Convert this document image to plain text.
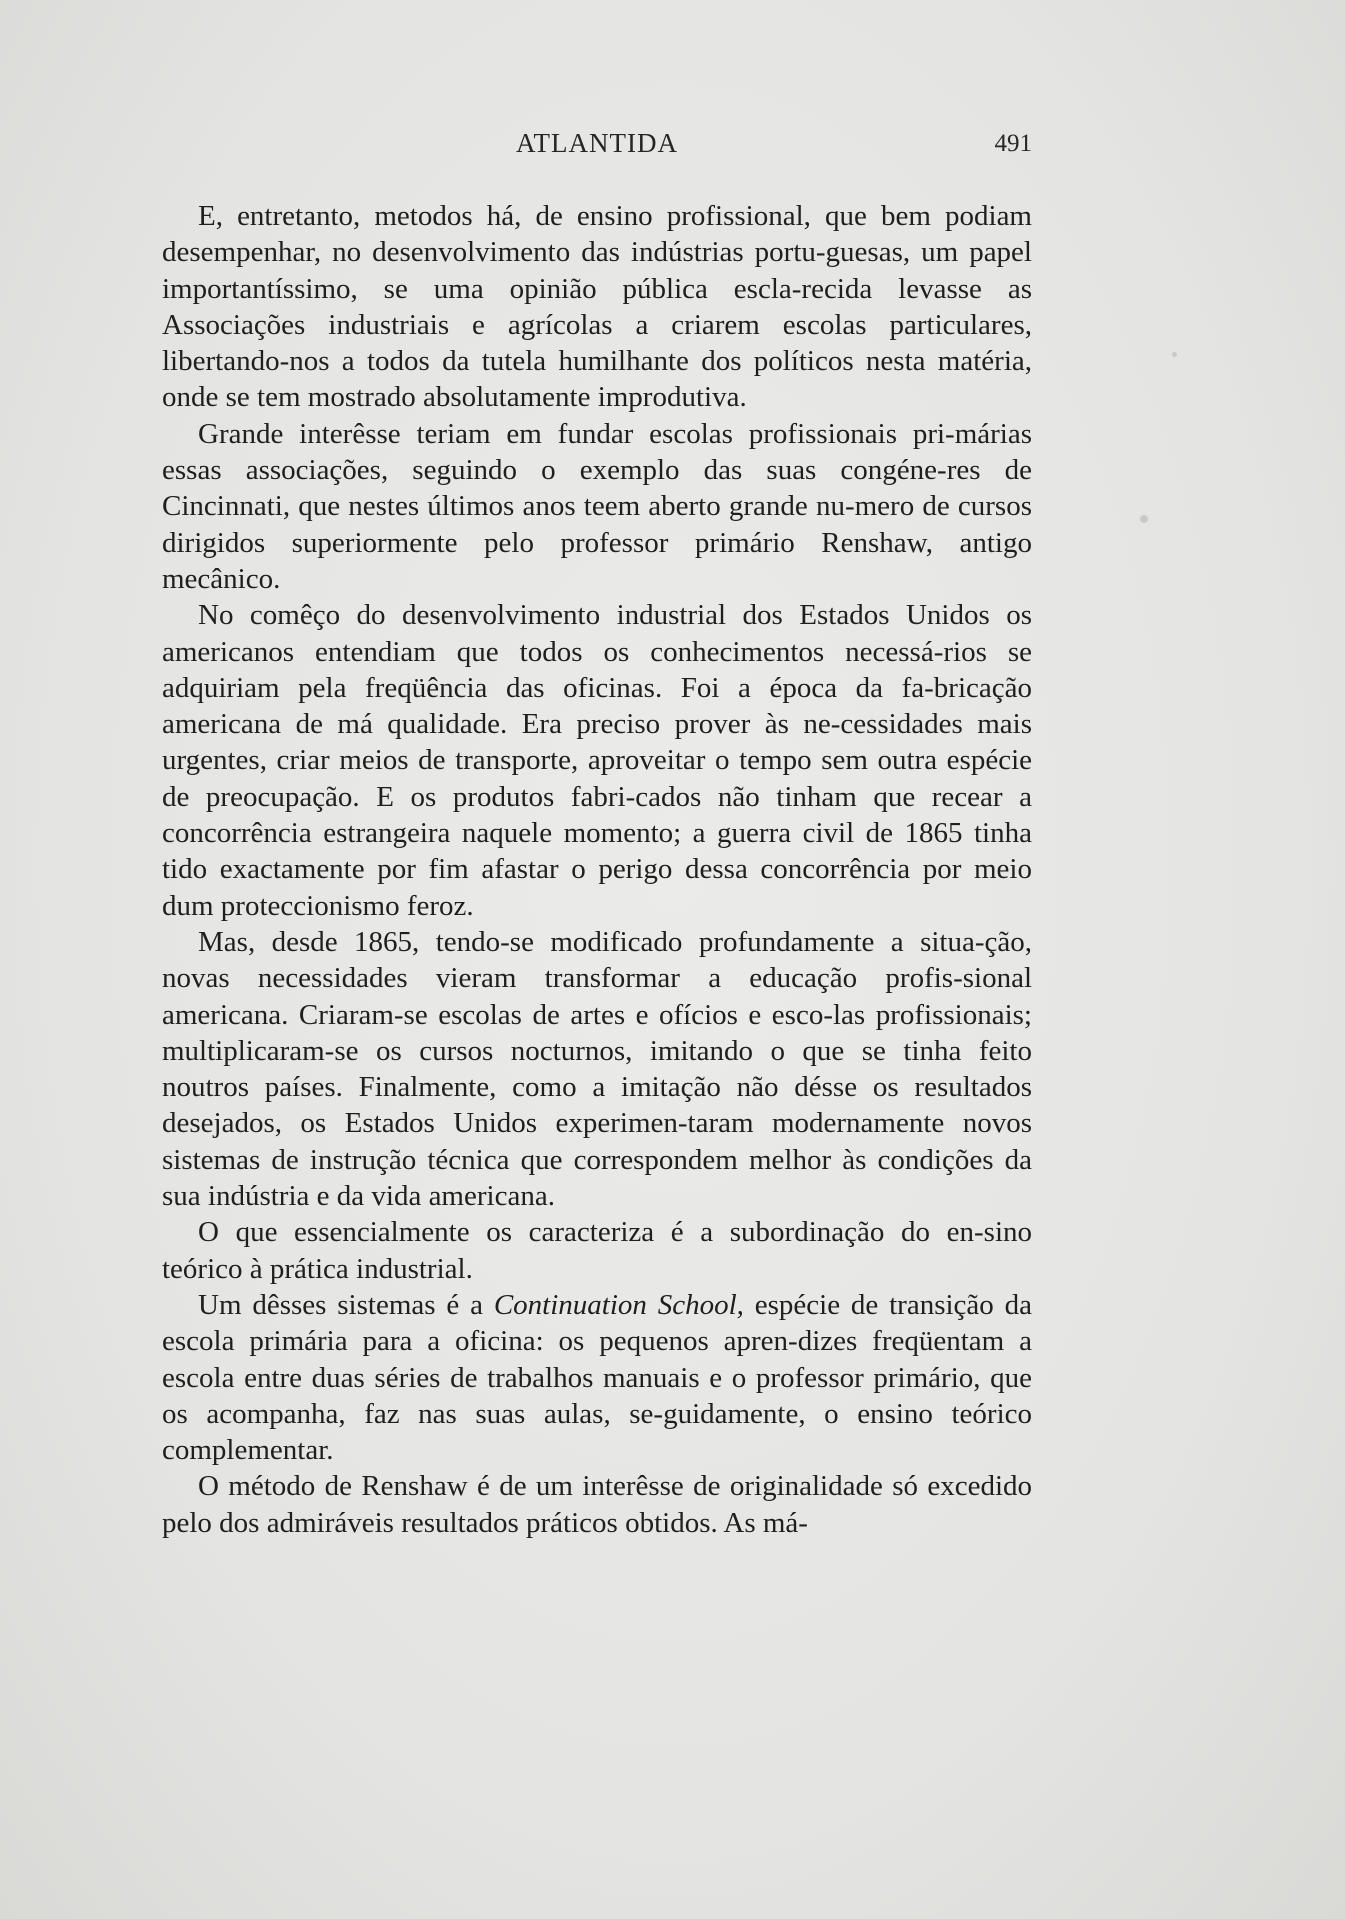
ATLANTIDA	491

E, entretanto, metodos há, de ensino profissional, que bem podiam desempenhar, no desenvolvimento das indústrias portu-guesas, um papel importantíssimo, se uma opinião pública escla-recida levasse as Associações industriais e agrícolas a criarem escolas particulares, libertando-nos a todos da tutela humilhante dos políticos nesta matéria, onde se tem mostrado absolutamente improdutiva.

Grande interêsse teriam em fundar escolas profissionais pri-márias essas associações, seguindo o exemplo das suas congéne-res de Cincinnati, que nestes últimos anos teem aberto grande nu-mero de cursos dirigidos superiormente pelo professor primário Renshaw, antigo mecânico.

No comêço do desenvolvimento industrial dos Estados Unidos os americanos entendiam que todos os conhecimentos necessá-rios se adquiriam pela freqüência das oficinas. Foi a época da fa-bricação americana de má qualidade. Era preciso prover às ne-cessidades mais urgentes, criar meios de transporte, aproveitar o tempo sem outra espécie de preocupação. E os produtos fabri-cados não tinham que recear a concorrência estrangeira naquele momento; a guerra civil de 1865 tinha tido exactamente por fim afastar o perigo dessa concorrência por meio dum proteccionismo feroz.

Mas, desde 1865, tendo-se modificado profundamente a situa-ção, novas necessidades vieram transformar a educação profis-sional americana. Criaram-se escolas de artes e ofícios e esco-las profissionais; multiplicaram-se os cursos nocturnos, imitando o que se tinha feito noutros países. Finalmente, como a imitação não désse os resultados desejados, os Estados Unidos experimen-taram modernamente novos sistemas de instrução técnica que correspondem melhor às condições da sua indústria e da vida americana.

O que essencialmente os caracteriza é a subordinação do en-sino teórico à prática industrial.

Um dêsses sistemas é a Continuation School, espécie de transição da escola primária para a oficina: os pequenos apren-dizes freqüentam a escola entre duas séries de trabalhos manuais e o professor primário, que os acompanha, faz nas suas aulas, se-guidamente, o ensino teórico complementar.

O método de Renshaw é de um interêsse de originalidade só excedido pelo dos admiráveis resultados práticos obtidos. As má-
